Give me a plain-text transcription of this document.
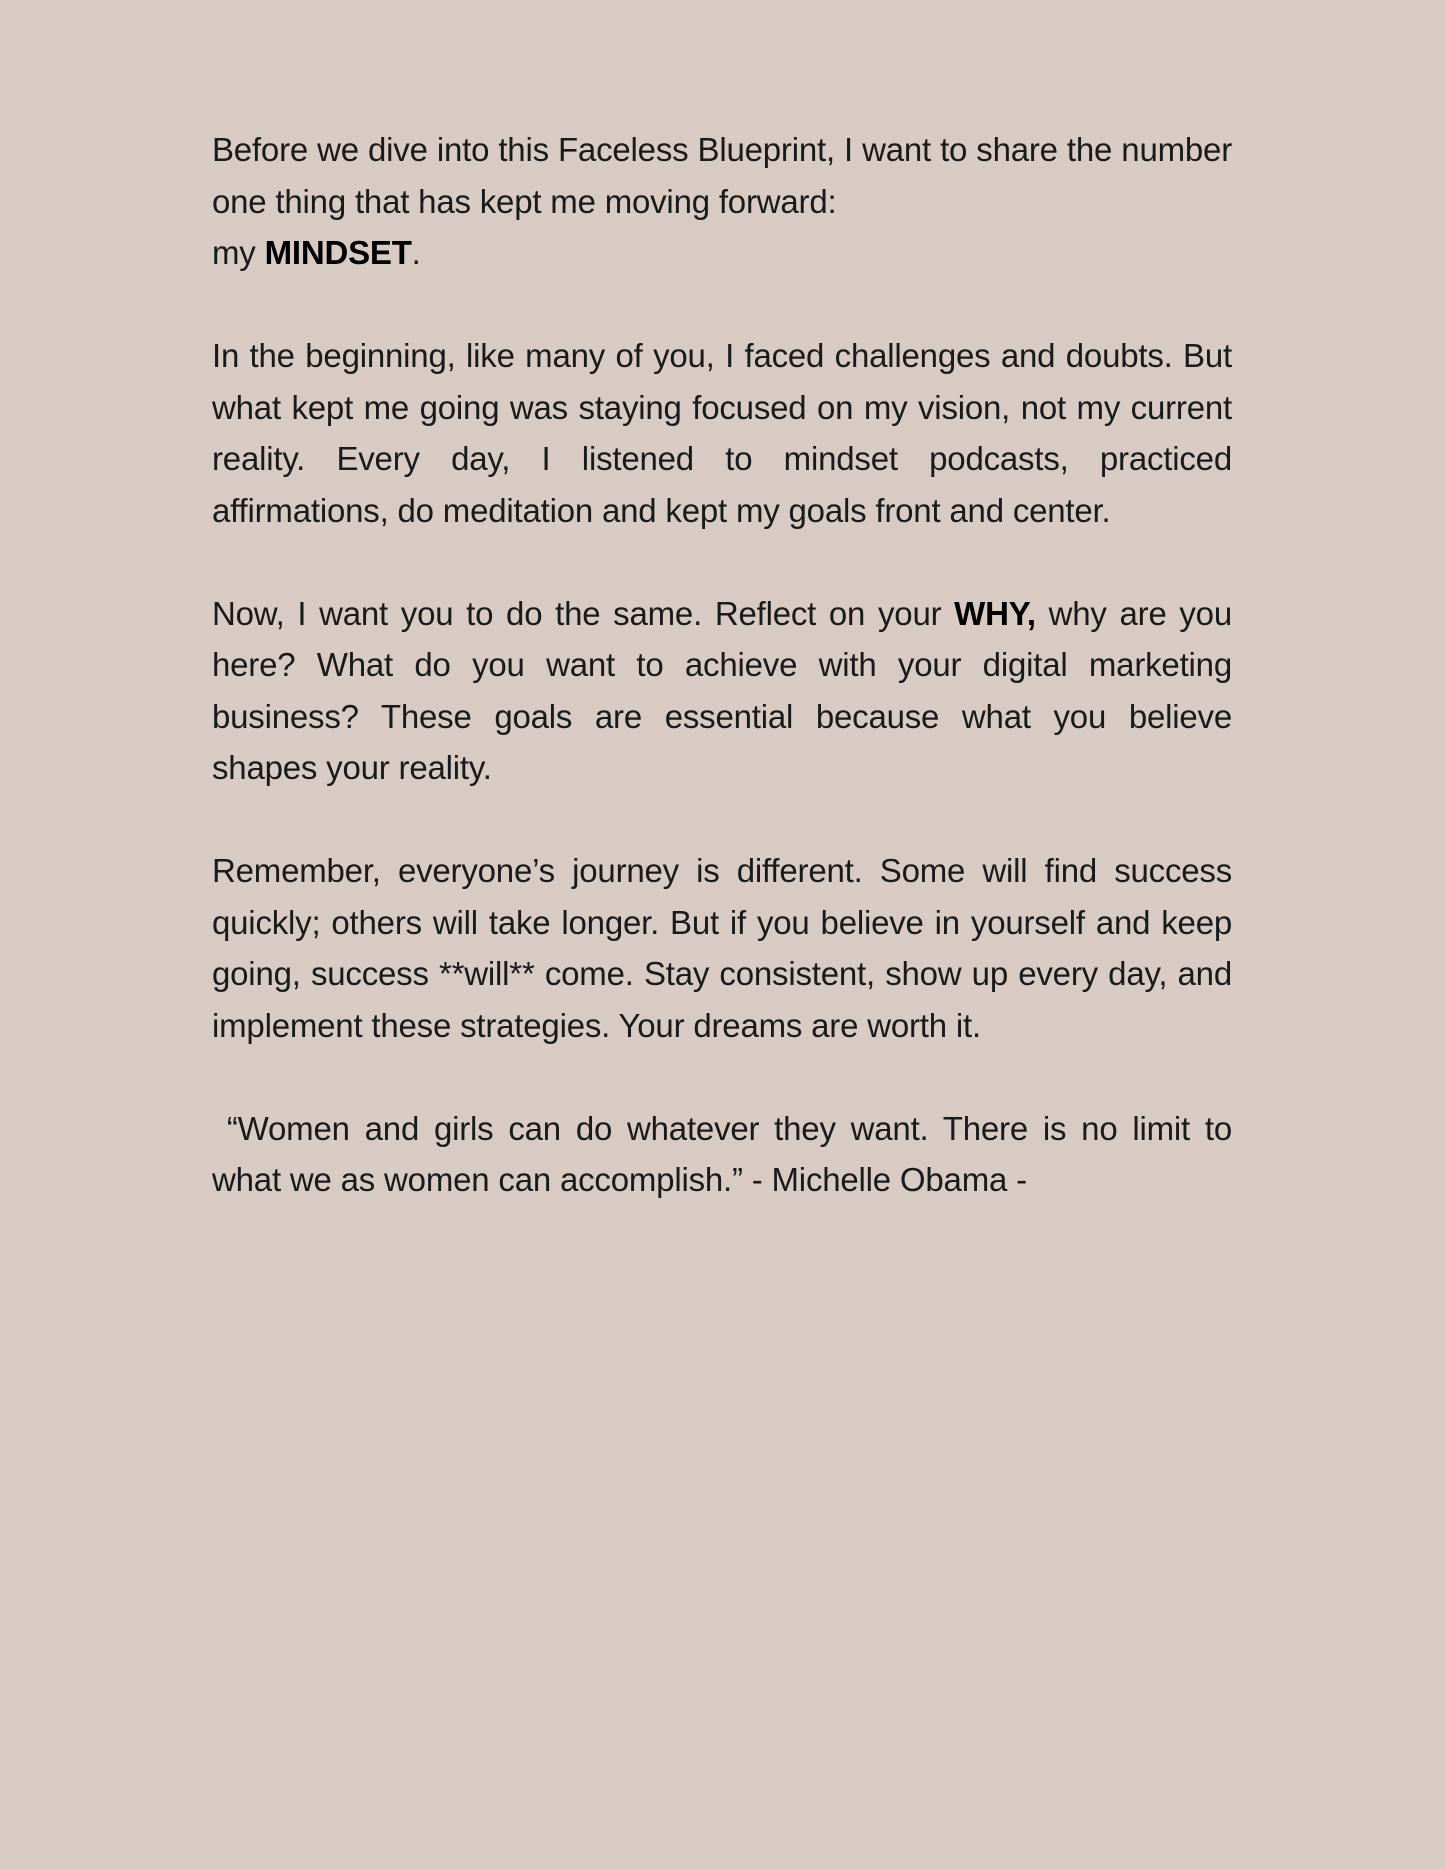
Before we dive into this Faceless Blueprint, I want to share the number one thing that has kept me moving forward:
my MINDSET.

In the beginning, like many of you, I faced challenges and doubts. But what kept me going was staying focused on my vision, not my current reality. Every day, I listened to mindset podcasts, practiced affirmations, do meditation and kept my goals front and center.

Now, I want you to do the same. Reflect on your WHY, why are you here? What do you want to achieve with your digital marketing business? These goals are essential because what you believe shapes your reality.

Remember, everyone’s journey is different. Some will find success quickly; others will take longer. But if you believe in yourself and keep going, success **will** come. Stay consistent, show up every day, and implement these strategies. Your dreams are worth it.

“Women and girls can do whatever they want. There is no limit to what we as women can accomplish.” - Michelle Obama -
